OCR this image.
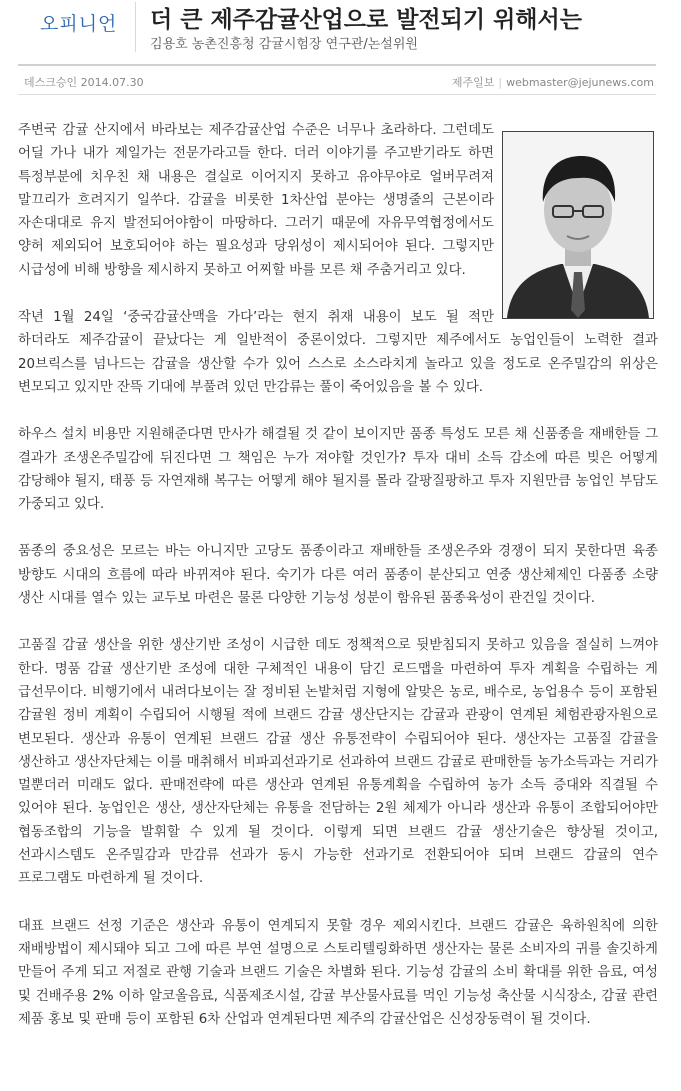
오피니언 더 큰 제주감귤산업으로 발전되기 위해서는
김용호 농촌진흥청 감귤시험장 연구관/논설위원
데스크승인 2014.07.30	제주일보 | webmaster@jejunews.com

주변국 감귤 산지에서 바라보는 제주감귤산업 수준은 너무나 초라하다. 그런데도 어딜 가나 내가 제일가는 전문가라고들 한다. 더러 이야기를 주고받기라도 하면 특정부분에 치우친 채 내용은 결실로 이어지지 못하고 유야무야로 얼버무려져 말끄리가 흐려지기 일쑤다. 감귤을 비롯한 1차산업 분야는 생명줄의 근본이라 자손대대로 유지 발전되어야함이 마땅하다. 그러기 때문에 자유무역협정에서도 양허 제외되어 보호되어야 하는 필요성과 당위성이 제시되어야 된다. 그렇지만 시급성에 비해 방향을 제시하지 못하고 어찌할 바를 모른 채 주춤거리고 있다.

작년 1월 24일 ‘중국감귤산맥을 가다’라는 현지 취재 내용이 보도 될 적만 하더라도 제주감귤이 끝났다는 게 일반적이 중론이었다. 그렇지만 제주에서도 농업인들이 노력한 결과 20브릭스를 넘나드는 감귤을 생산할 수가 있어 스스로 소스라치게 놀라고 있을 정도로 온주밀감의 위상은 변모되고 있지만 잔뜩 기대에 부풀려 있던 만감류는 풀이 죽어있음을 볼 수 있다.

하우스 설치 비용만 지원해준다면 만사가 해결될 것 같이 보이지만 품종 특성도 모른 채 신품종을 재배한들 그 결과가 조생온주밀감에 뒤진다면 그 책임은 누가 져야할 것인가? 투자 대비 소득 감소에 따른 빚은 어떻게 감당해야 될지, 태풍 등 자연재해 복구는 어떻게 해야 될지를 몰라 갈팡질팡하고 투자 지원만큼 농업인 부담도 가중되고 있다.

품종의 중요성은 모르는 바는 아니지만 고당도 품종이라고 재배한들 조생온주와 경쟁이 되지 못한다면 육종 방향도 시대의 흐름에 따라 바뀌져야 된다. 숙기가 다른 여러 품종이 분산되고 연중 생산체제인 다품종 소량 생산 시대를 열수 있는 교두보 마련은 물론 다양한 기능성 성분이 함유된 품종육성이 관건일 것이다.

고품질 감귤 생산을 위한 생산기반 조성이 시급한 데도 정책적으로 뒷받침되지 못하고 있음을 절실히 느껴야 한다. 명품 감귤 생산기반 조성에 대한 구체적인 내용이 담긴 로드맵을 마련하여 투자 계획을 수립하는 게 급선무이다. 비행기에서 내려다보이는 잘 정비된 논밭처럼 지형에 알맞은 농로, 배수로, 농업용수 등이 포함된 감귤원 정비 계획이 수립되어 시행될 적에 브랜드 감귤 생산단지는 감귤과 관광이 연계된 체험관광자원으로 변모된다. 생산과 유통이 연계된 브랜드 감귤 생산 유통전략이 수립되어야 된다. 생산자는 고품질 감귤을 생산하고 생산자단체는 이를 매취해서 비파괴선과기로 선과하여 브랜드 감귤로 판매한들 농가소득과는 거리가 멀뿐더러 미래도 없다. 판매전략에 따른 생산과 연계된 유통계획을 수립하여 농가 소득 증대와 직결될 수 있어야 된다. 농업인은 생산, 생산자단체는 유통을 전담하는 2원 체제가 아니라 생산과 유통이 조합되어야만 협동조합의 기능을 발휘할 수 있게 될 것이다. 이렇게 되면 브랜드 감귤 생산기술은 향상될 것이고, 선과시스템도 온주밀감과 만감류 선과가 동시 가능한 선과기로 전환되어야 되며 브랜드 감귤의 연수 프로그램도 마련하게 될 것이다.

대표 브랜드 선정 기준은 생산과 유통이 연계되지 못할 경우 제외시킨다. 브랜드 감귤은 육하원칙에 의한 재배방법이 제시돼야 되고 그에 따른 부연 설명으로 스토리텔링화하면 생산자는 물론 소비자의 귀를 솔깃하게 만들어 주게 되고 저절로 관행 기술과 브랜드 기술은 차별화 된다. 기능성 감귤의 소비 확대를 위한 음료, 여성 및 건배주용 2% 이하 알코올음료, 식품제조시설, 감귤 부산물사료를 먹인 기능성 축산물 시식장소, 감귤 관련 제품 홍보 및 판매 등이 포함된 6차 산업과 연계된다면 제주의 감귤산업은 신성장동력이 될 것이다.
